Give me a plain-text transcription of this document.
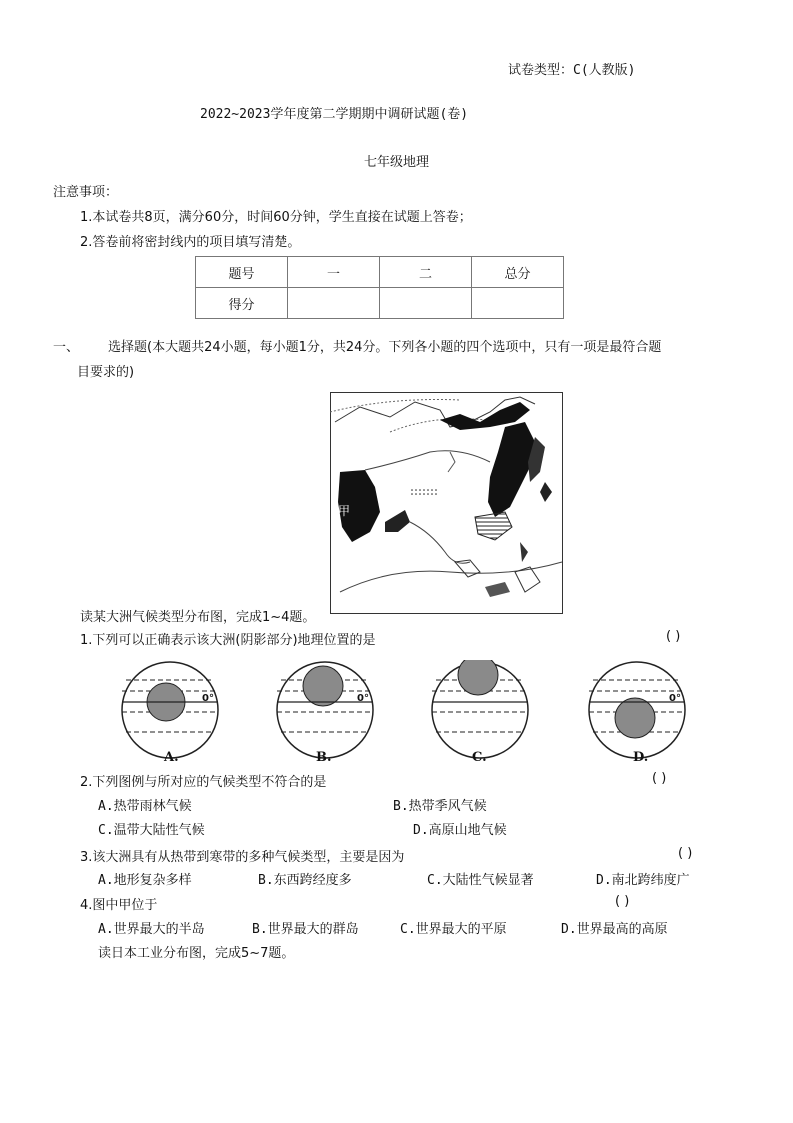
试卷类型：C(人教版)
2022~2023学年度第二学期期中调研试题(卷)
七年级地理
注意事项：
1.本试卷共8页，满分60分，时间60分钟，学生直接在试题上答卷；
2.答卷前将密封线内的项目填写清楚。
题号	一	二	总分
得分			
一、 选择题(本大题共24小题，每小题1分，共24分。下列各小题的四个选项中，只有一项是最符合题
目要求的)
甲
读某大洲气候类型分布图，完成1~4题。
1.下列可以正确表示该大洲(阴影部分)地理位置的是	( )
0°
A.
0°
B.	C.
0°
D.
2.下列图例与所对应的气候类型不符合的是	( )
A.热带雨林气候	B.热带季风气候
C.温带大陆性气候	D.高原山地气候
3.该大洲具有从热带到寒带的多种气候类型，主要是因为	( )
A.地形复杂多样	B.东西跨经度多	C.大陆性气候显著	D.南北跨纬度广
4.图中甲位于	( )
A.世界最大的半岛	B.世界最大的群岛	C.世界最大的平原	D.世界最高的高原
读日本工业分布图，完成5~7题。
